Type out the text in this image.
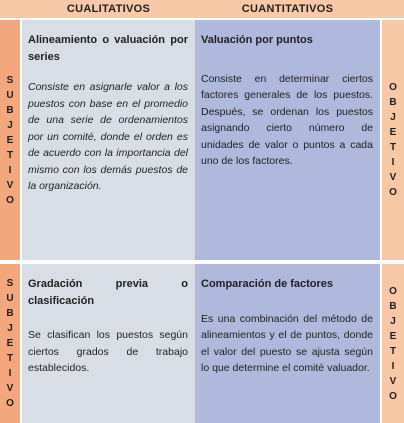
CUALITATIVOS	CUANTITATIVOS
S
U
B
J
E
T
I
V
O
Alineamiento o valuación por series
Consiste en asignarle valor a los puestos con base en el promedio de una serie de ordenamientos por un comité, donde el orden es de acuerdo con la importancia del mismo con los demás puestos de la organización.
Valuación por puntos
Consiste en determinar ciertos factores generales de los puestos. Después, se ordenan los puestos asignando cierto número de unidades de valor o puntos a cada uno de los factores.
O
B
J
E
T
I
V
O
S
U
B
J
E
T
I
V
O
Gradación previa o clasificación
Se clasifican los puestos según ciertos grados de trabajo establecidos.
Comparación de factores
Es una combinación del método de alineamientos y el de puntos, donde el valor del puesto se ajusta según lo que determine el comité valuador.
O
B
J
E
T
I
V
O
